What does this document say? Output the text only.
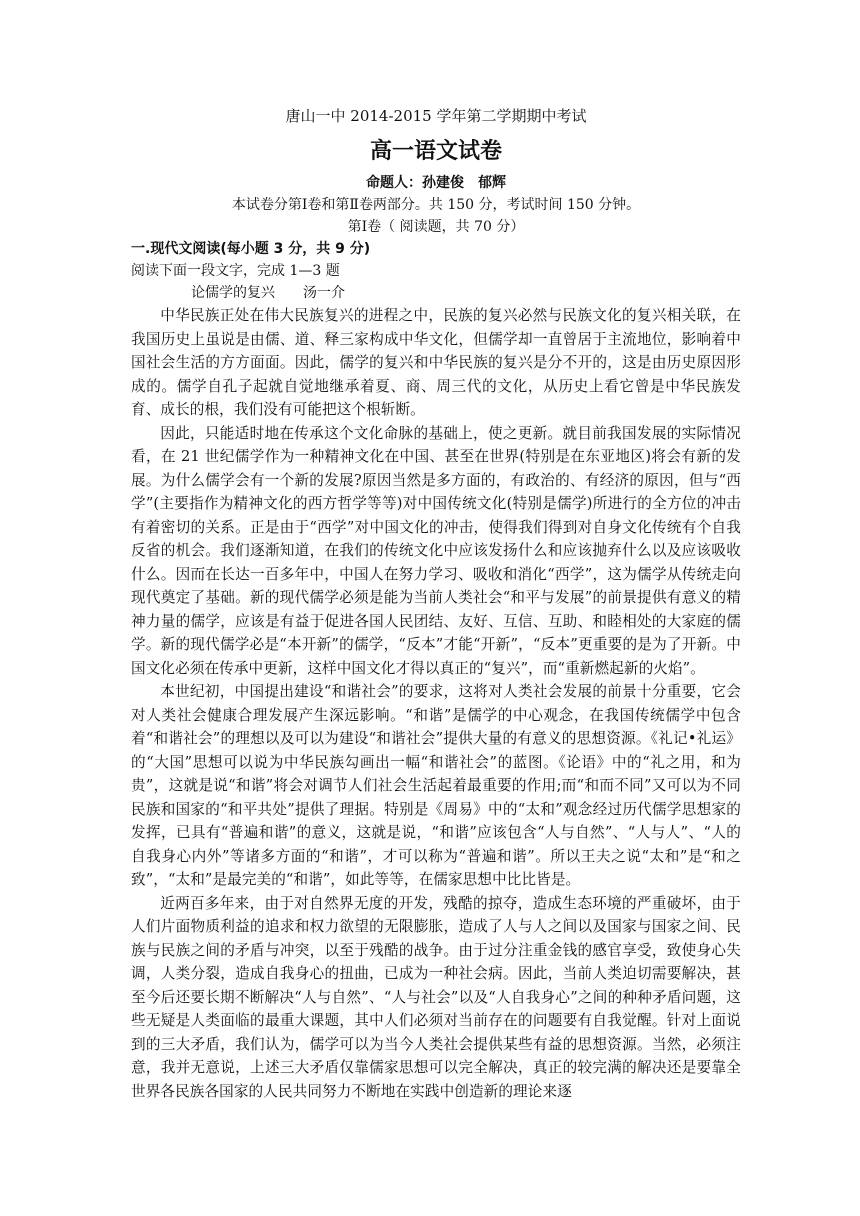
唐山一中 2014-2015 学年第二学期期中考试
高一语文试卷
命题人：孙建俊 郁辉
本试卷分第Ⅰ卷和第Ⅱ卷两部分。共 150 分，考试时间 150 分钟。
第Ⅰ卷（ 阅读题，共 70 分）
一.现代文阅读(每小题 3 分，共 9 分)
阅读下面一段文字，完成 1—3 题
论儒学的复兴 汤一介

中华民族正处在伟大民族复兴的进程之中，民族的复兴必然与民族文化的复兴相关联，在我国历史上虽说是由儒、道、释三家构成中华文化，但儒学却一直曾居于主流地位，影响着中国社会生活的方方面面。因此，儒学的复兴和中华民族的复兴是分不开的，这是由历史原因形成的。儒学自孔子起就自觉地继承着夏、商、周三代的文化，从历史上看它曾是中华民族发育、成长的根，我们没有可能把这个根斩断。

因此，只能适时地在传承这个文化命脉的基础上，使之更新。就目前我国发展的实际情况看，在 21 世纪儒学作为一种精神文化在中国、甚至在世界(特别是在东亚地区)将会有新的发展。为什么儒学会有一个新的发展?原因当然是多方面的，有政治的、有经济的原因，但与“西学”(主要指作为精神文化的西方哲学等等)对中国传统文化(特别是儒学)所进行的全方位的冲击有着密切的关系。正是由于“西学”对中国文化的冲击，使得我们得到对自身文化传统有个自我反省的机会。我们逐渐知道，在我们的传统文化中应该发扬什么和应该抛弃什么以及应该吸收什么。因而在长达一百多年中，中国人在努力学习、吸收和消化“西学”，这为儒学从传统走向现代奠定了基础。新的现代儒学必须是能为当前人类社会“和平与发展”的前景提供有意义的精神力量的儒学，应该是有益于促进各国人民团结、友好、互信、互助、和睦相处的大家庭的儒学。新的现代儒学必是“本开新”的儒学，“反本”才能“开新”，“反本”更重要的是为了开新。中国文化必须在传承中更新，这样中国文化才得以真正的“复兴”，而“重新燃起新的火焰”。

本世纪初，中国提出建设“和谐社会”的要求，这将对人类社会发展的前景十分重要，它会对人类社会健康合理发展产生深远影响。“和谐”是儒学的中心观念，在我国传统儒学中包含着“和谐社会”的理想以及可以为建设“和谐社会”提供大量的有意义的思想资源。《礼记•礼运》的“大国”思想可以说为中华民族勾画出一幅“和谐社会”的蓝图。《论语》中的“礼之用，和为贵”，这就是说“和谐”将会对调节人们社会生活起着最重要的作用;而“和而不同”又可以为不同民族和国家的“和平共处”提供了理据。特别是《周易》中的“太和”观念经过历代儒学思想家的发挥，已具有“普遍和谐”的意义，这就是说，“和谐”应该包含“人与自然”、“人与人”、“人的自我身心内外”等诸多方面的“和谐”，才可以称为“普遍和谐”。所以王夫之说“太和”是“和之致”，“太和”是最完美的“和谐”，如此等等，在儒家思想中比比皆是。

近两百多年来，由于对自然界无度的开发，残酷的掠夺，造成生态环境的严重破坏，由于人们片面物质利益的追求和权力欲望的无限膨胀，造成了人与人之间以及国家与国家之间、民族与民族之间的矛盾与冲突，以至于残酷的战争。由于过分注重金钱的感官享受，致使身心失调，人类分裂，造成自我身心的扭曲，已成为一种社会病。因此，当前人类迫切需要解决，甚至今后还要长期不断解决“人与自然”、“人与社会”以及“人自我身心”之间的种种矛盾问题，这些无疑是人类面临的最重大课题，其中人们必须对当前存在的问题要有自我觉醒。针对上面说到的三大矛盾，我们认为，儒学可以为当今人类社会提供某些有益的思想资源。当然，必须注意，我并无意说，上述三大矛盾仅靠儒家思想可以完全解决，真正的较完满的解决还是要靠全世界各民族各国家的人民共同努力不断地在实践中创造新的理论来逐
